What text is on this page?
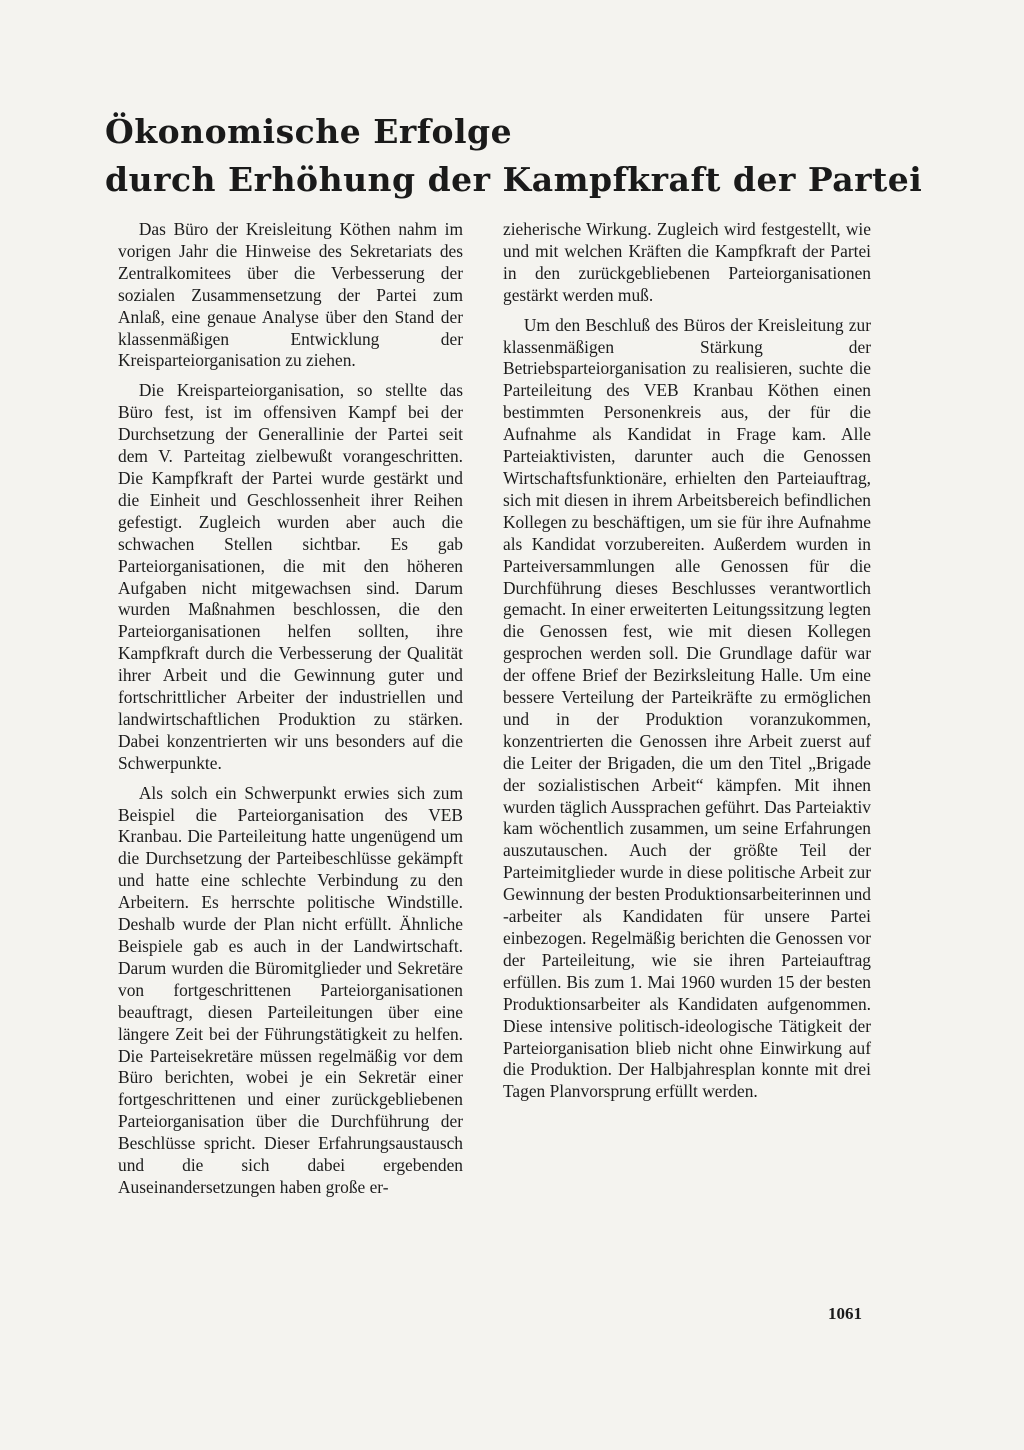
Ökonomische Erfolge
durch Erhöhung der Kampfkraft der Partei

Das Büro der Kreisleitung Köthen nahm im vorigen Jahr die Hinweise des Sekretariats des Zentralkomitees über die Verbesserung der sozialen Zusammensetzung der Partei zum Anlaß, eine genaue Analyse über den Stand der klassenmäßigen Entwicklung der Kreisparteiorganisation zu ziehen.

Die Kreisparteiorganisation, so stellte das Büro fest, ist im offensiven Kampf bei der Durchsetzung der Generallinie der Partei seit dem V. Parteitag zielbewußt vorangeschritten. Die Kampfkraft der Partei wurde gestärkt und die Einheit und Geschlossenheit ihrer Reihen gefestigt. Zugleich wurden aber auch die schwachen Stellen sichtbar. Es gab Parteiorganisationen, die mit den höheren Aufgaben nicht mitgewachsen sind. Darum wurden Maßnahmen beschlossen, die den Parteiorganisationen helfen sollten, ihre Kampfkraft durch die Verbesserung der Qualität ihrer Arbeit und die Gewinnung guter und fortschrittlicher Arbeiter der industriellen und landwirtschaftlichen Produktion zu stärken. Dabei konzentrierten wir uns besonders auf die Schwerpunkte.

Als solch ein Schwerpunkt erwies sich zum Beispiel die Parteiorganisation des VEB Kranbau. Die Parteileitung hatte ungenügend um die Durchsetzung der Parteibeschlüsse gekämpft und hatte eine schlechte Verbindung zu den Arbeitern. Es herrschte politische Windstille. Deshalb wurde der Plan nicht erfüllt. Ähnliche Beispiele gab es auch in der Landwirtschaft. Darum wurden die Büromitglieder und Sekretäre von fortgeschrittenen Parteiorganisationen beauftragt, diesen Parteileitungen über eine längere Zeit bei der Führungstätigkeit zu helfen. Die Parteisekretäre müssen regelmäßig vor dem Büro berichten, wobei je ein Sekretär einer fortgeschrittenen und einer zurückgebliebenen Parteiorganisation über die Durchführung der Beschlüsse spricht. Dieser Erfahrungsaustausch und die sich dabei ergebenden Auseinandersetzungen haben große er-

zieherische Wirkung. Zugleich wird festgestellt, wie und mit welchen Kräften die Kampfkraft der Partei in den zurückgebliebenen Parteiorganisationen gestärkt werden muß.

Um den Beschluß des Büros der Kreisleitung zur klassenmäßigen Stärkung der Betriebsparteiorganisation zu realisieren, suchte die Parteileitung des VEB Kranbau Köthen einen bestimmten Personenkreis aus, der für die Aufnahme als Kandidat in Frage kam. Alle Parteiaktivisten, darunter auch die Genossen Wirtschaftsfunktionäre, erhielten den Parteiauftrag, sich mit diesen in ihrem Arbeitsbereich befindlichen Kollegen zu beschäftigen, um sie für ihre Aufnahme als Kandidat vorzubereiten. Außerdem wurden in Parteiversammlungen alle Genossen für die Durchführung dieses Beschlusses verantwortlich gemacht. In einer erweiterten Leitungssitzung legten die Genossen fest, wie mit diesen Kollegen gesprochen werden soll. Die Grundlage dafür war der offene Brief der Bezirksleitung Halle. Um eine bessere Verteilung der Parteikräfte zu ermöglichen und in der Produktion voranzukommen, konzentrierten die Genossen ihre Arbeit zuerst auf die Leiter der Brigaden, die um den Titel „Brigade der sozialistischen Arbeit“ kämpfen. Mit ihnen wurden täglich Aussprachen geführt. Das Parteiaktiv kam wöchentlich zusammen, um seine Erfahrungen auszutauschen. Auch der größte Teil der Parteimitglieder wurde in diese politische Arbeit zur Gewinnung der besten Produktionsarbeiterinnen und -arbeiter als Kandidaten für unsere Partei einbezogen. Regelmäßig berichten die Genossen vor der Parteileitung, wie sie ihren Parteiauftrag erfüllen. Bis zum 1. Mai 1960 wurden 15 der besten Produktionsarbeiter als Kandidaten aufgenommen. Diese intensive politisch-ideologische Tätigkeit der Parteiorganisation blieb nicht ohne Einwirkung auf die Produktion. Der Halbjahresplan konnte mit drei Tagen Planvorsprung erfüllt werden.

1061
